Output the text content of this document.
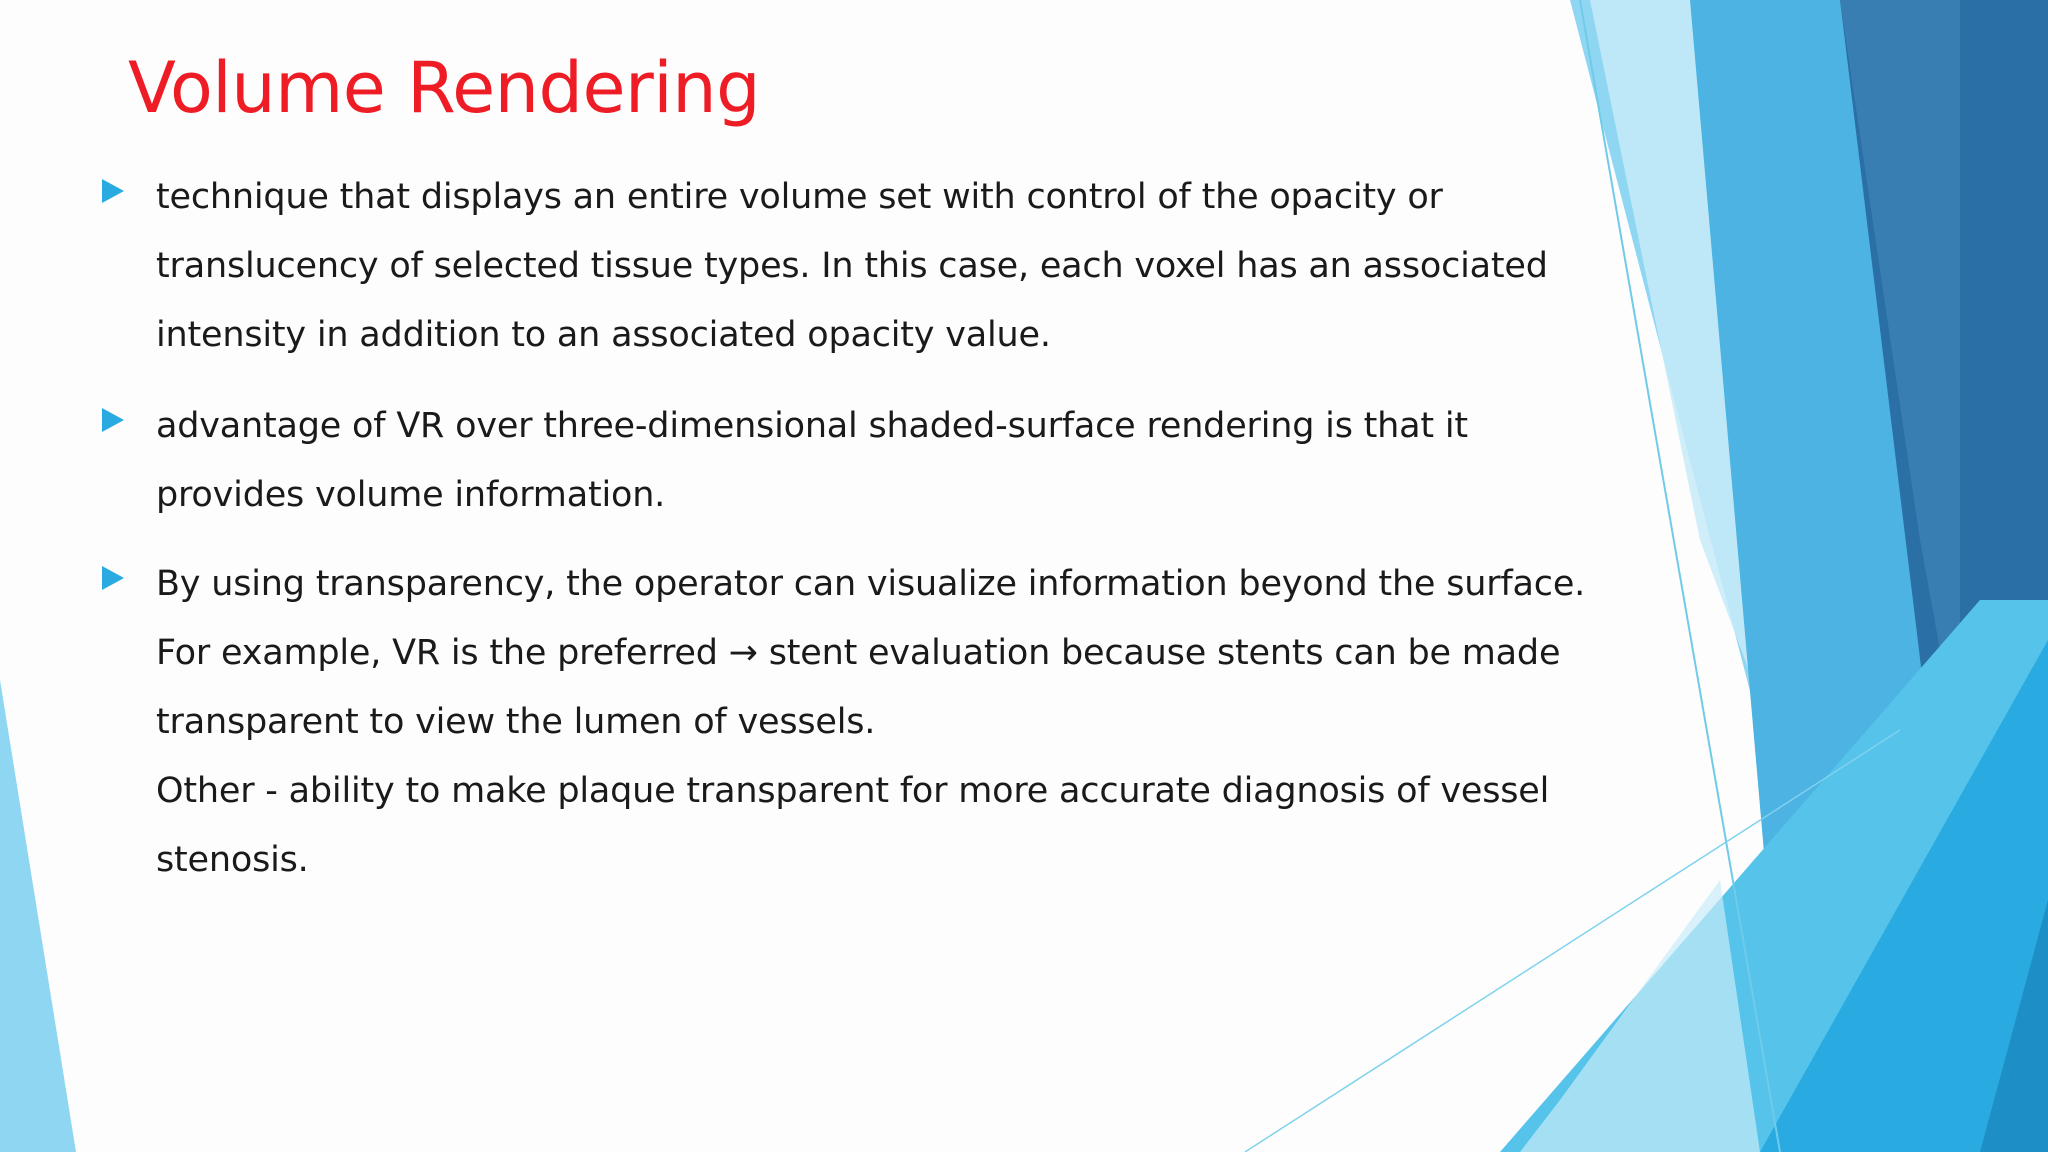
Volume Rendering
technique that displays an entire volume set with control of the opacity or
translucency of selected tissue types. In this case, each voxel has an associated
intensity in addition to an associated opacity value.
advantage of VR over three-dimensional shaded-surface rendering is that it
provides volume information.
By using transparency, the operator can visualize information beyond the surface.
For example, VR is the preferred → stent evaluation because stents can be made
transparent to view the lumen of vessels.
Other - ability to make plaque transparent for more accurate diagnosis of vessel
stenosis.
